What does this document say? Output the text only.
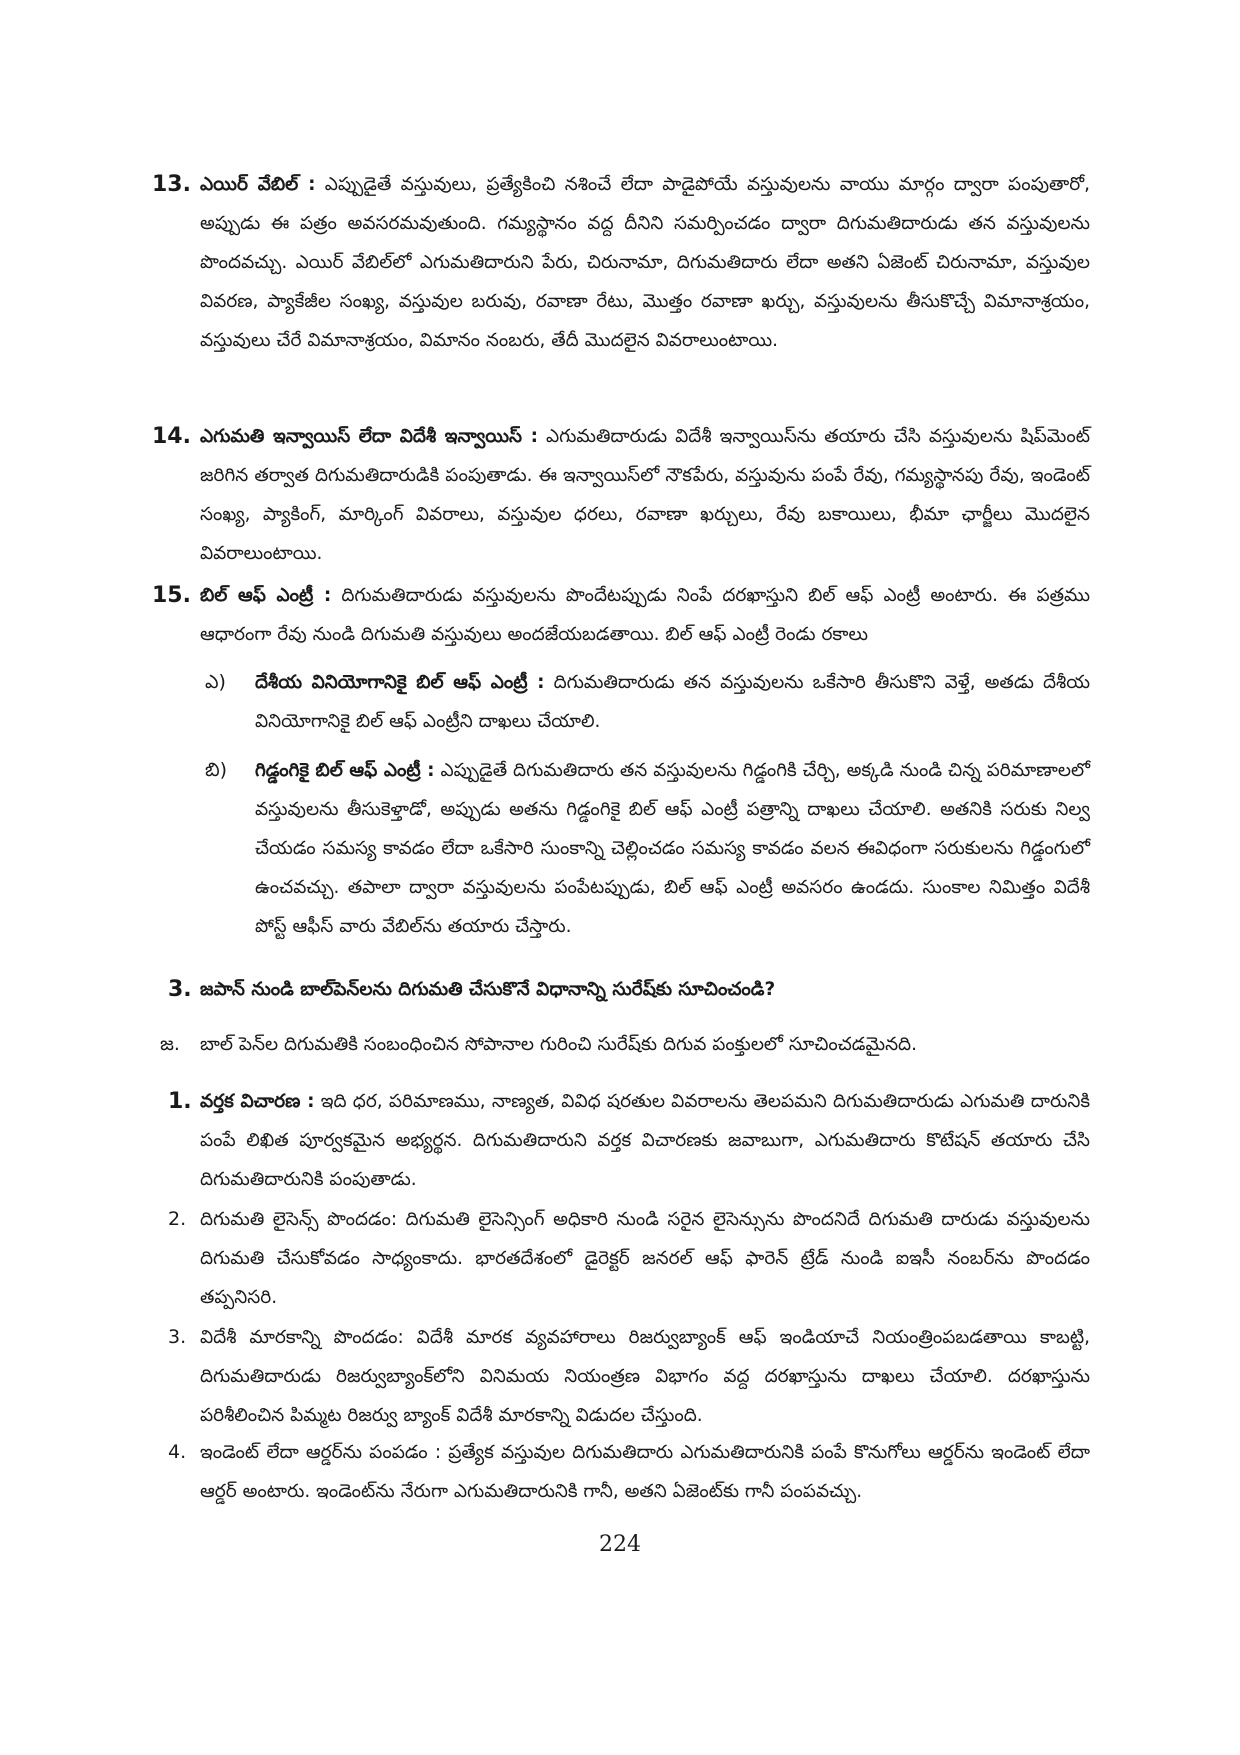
13. ఎయిర్ వేబిల్ : ఎప్పుడైతే వస్తువులు, ప్రత్యేకించి నశించే లేదా పాడైపోయే వస్తువులను వాయు మార్గం ద్వారా పంపుతారో, అప్పుడు ఈ పత్రం అవసరమవుతుంది. గమ్యస్థానం వద్ద దీనిని సమర్పించడం ద్వారా దిగుమతిదారుడు తన వస్తువులను పొందవచ్చు. ఎయిర్ వేబిల్‌లో ఎగుమతిదారుని పేరు, చిరునామా, దిగుమతిదారు లేదా అతని ఏజెంట్ చిరునామా, వస్తువుల వివరణ, ప్యాకేజీల సంఖ్య, వస్తువుల బరువు, రవాణా రేటు, మొత్తం రవాణా ఖర్చు, వస్తువులను తీసుకొచ్చే విమానాశ్రయం, వస్తువులు చేరే విమానాశ్రయం, విమానం నంబరు, తేదీ మొదలైన వివరాలుంటాయి.

14. ఎగుమతి ఇన్వాయిస్ లేదా విదేశీ ఇన్వాయిస్ : ఎగుమతిదారుడు విదేశీ ఇన్వాయిస్‌ను తయారు చేసి వస్తువులను షిప్‌మెంట్ జరిగిన తర్వాత దిగుమతిదారుడికి పంపుతాడు. ఈ ఇన్వాయిస్‌లో నౌకపేరు, వస్తువును పంపే రేవు, గమ్యస్థానపు రేవు, ఇండెంట్ సంఖ్య, ప్యాకింగ్, మార్కింగ్ వివరాలు, వస్తువుల ధరలు, రవాణా ఖర్చులు, రేవు బకాయిలు, భీమా ఛార్జీలు మొదలైన వివరాలుంటాయి.

15. బిల్ ఆఫ్ ఎంట్రీ : దిగుమతిదారుడు వస్తువులను పొందేటప్పుడు నింపే దరఖాస్తుని బిల్ ఆఫ్ ఎంట్రీ అంటారు. ఈ పత్రము ఆధారంగా రేవు నుండి దిగుమతి వస్తువులు అందజేయబడతాయి. బిల్ ఆఫ్ ఎంట్రీ రెండు రకాలు

ఎ) దేశీయ వినియోగానికై బిల్ ఆఫ్ ఎంట్రీ : దిగుమతిదారుడు తన వస్తువులను ఒకేసారి తీసుకొని వెళ్తే, అతడు దేశీయ వినియోగానికై బిల్ ఆఫ్ ఎంట్రీని దాఖలు చేయాలి.

బి) గిడ్డంగికై బిల్ ఆఫ్ ఎంట్రీ : ఎప్పుడైతే దిగుమతిదారు తన వస్తువులను గిడ్డంగికి చేర్చి, అక్కడి నుండి చిన్న పరిమాణాలలో వస్తువులను తీసుకెళ్తాడో, అప్పుడు అతను గిడ్డంగికై బిల్ ఆఫ్ ఎంట్రీ పత్రాన్ని దాఖలు చేయాలి. అతనికి సరుకు నిల్వ చేయడం సమస్య కావడం లేదా ఒకేసారి సుంకాన్ని చెల్లించడం సమస్య కావడం వలన ఈవిధంగా సరుకులను గిడ్డంగులో ఉంచవచ్చు. తపాలా ద్వారా వస్తువులను పంపేటప్పుడు, బిల్ ఆఫ్ ఎంట్రీ అవసరం ఉండదు. సుంకాల నిమిత్తం విదేశీ పోస్ట్ ఆఫీస్ వారు వేబిల్‌ను తయారు చేస్తారు.

3. జపాన్ నుండి బాల్‌పెన్‌లను దిగుమతి చేసుకొనే విధానాన్ని సురేష్‌కు సూచించండి?

జ. బాల్ పెన్‌ల దిగుమతికి సంబంధించిన సోపానాల గురించి సురేష్‌కు దిగువ పంక్తులలో సూచించడమైనది.

1. వర్తక విచారణ : ఇది ధర, పరిమాణము, నాణ్యత, వివిధ షరతుల వివరాలను తెలపమని దిగుమతిదారుడు ఎగుమతి దారునికి పంపే లిఖిత పూర్వకమైన అభ్యర్థన. దిగుమతిదారుని వర్తక విచారణకు జవాబుగా, ఎగుమతిదారు కొటేషన్ తయారు చేసి దిగుమతిదారునికి పంపుతాడు.

2. దిగుమతి లైసెన్స్ పొందడం: దిగుమతి లైసెన్సింగ్ అధికారి నుండి సరైన లైసెన్సును పొందనిదే దిగుమతి దారుడు వస్తువులను దిగుమతి చేసుకోవడం సాధ్యంకాదు. భారతదేశంలో డైరెక్టర్ జనరల్ ఆఫ్ ఫారెన్ ట్రేడ్ నుండి ఐఇసీ నంబర్‌ను పొందడం తప్పనిసరి.

3. విదేశీ మారకాన్ని పొందడం: విదేశీ మారక వ్యవహారాలు రిజర్వుబ్యాంక్ ఆఫ్ ఇండియాచే నియంత్రింపబడతాయి కాబట్టి, దిగుమతిదారుడు రిజర్వుబ్యాంక్‌లోని వినిమయ నియంత్రణ విభాగం వద్ద దరఖాస్తును దాఖలు చేయాలి. దరఖాస్తును పరిశీలించిన పిమ్మట రిజర్వు బ్యాంక్ విదేశీ మారకాన్ని విడుదల చేస్తుంది.

4. ఇండెంట్ లేదా ఆర్డర్‌ను పంపడం : ప్రత్యేక వస్తువుల దిగుమతిదారు ఎగుమతిదారునికి పంపే కొనుగోలు ఆర్డర్‌ను ఇండెంట్ లేదా ఆర్డర్ అంటారు. ఇండెంట్‌ను నేరుగా ఎగుమతిదారునికి గానీ, అతని ఏజెంట్‌కు గానీ పంపవచ్చు.

224
